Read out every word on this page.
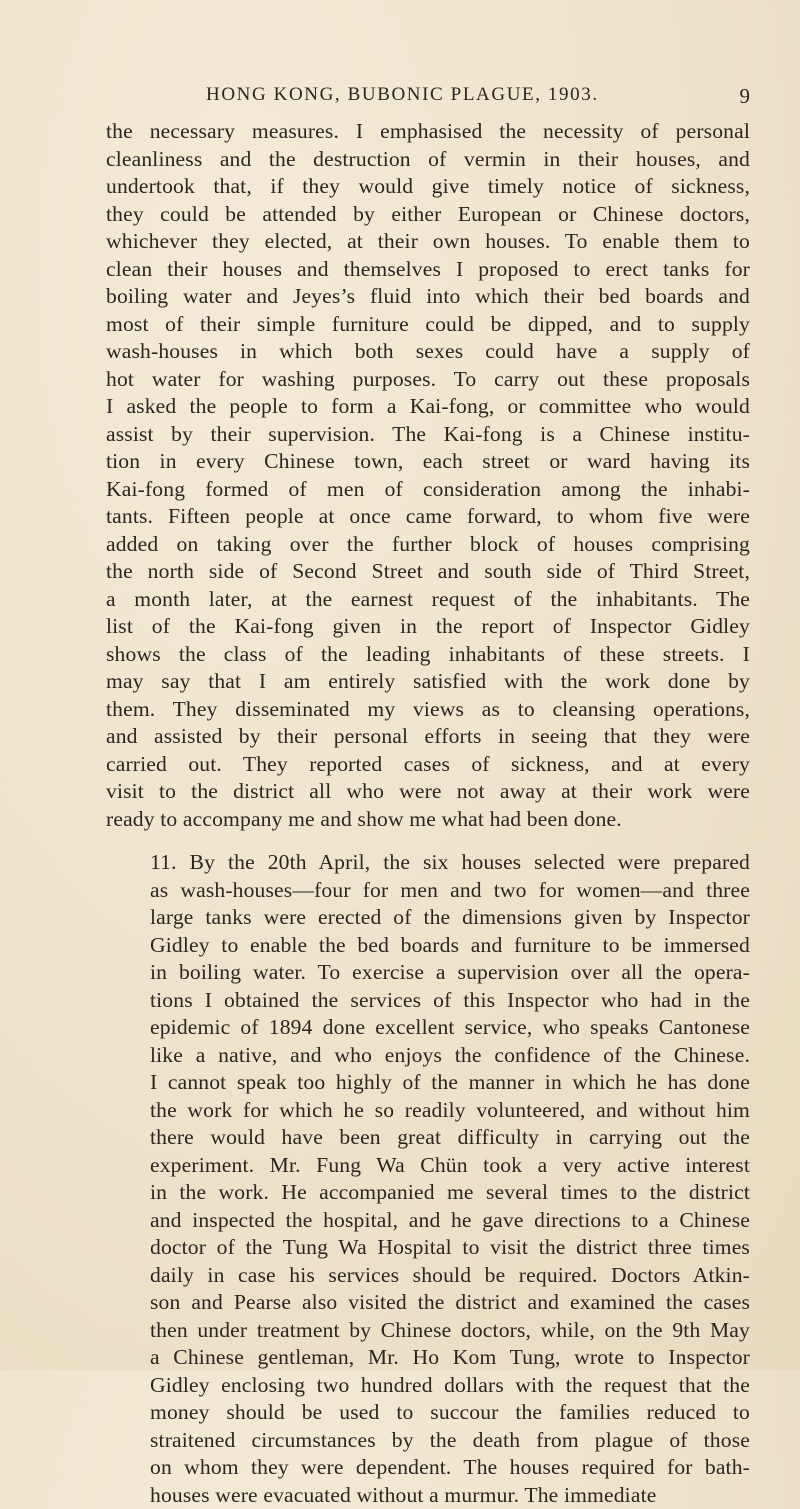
HONG KONG, BUBONIC PLAGUE, 1903.	9
the necessary measures. I emphasised the necessity of personal
cleanliness and the destruction of vermin in their houses, and
undertook that, if they would give timely notice of sickness,
they could be attended by either European or Chinese doctors,
whichever they elected, at their own houses. To enable them to
clean their houses and themselves I proposed to erect tanks for
boiling water and Jeyes’s fluid into which their bed boards and
most of their simple furniture could be dipped, and to supply
wash-houses in which both sexes could have a supply of
hot water for washing purposes. To carry out these proposals
I asked the people to form a Kai-fong, or committee who would
assist by their supervision. The Kai-fong is a Chinese institu-
tion in every Chinese town, each street or ward having its
Kai-fong formed of men of consideration among the inhabi-
tants. Fifteen people at once came forward, to whom five were
added on taking over the further block of houses comprising
the north side of Second Street and south side of Third Street,
a month later, at the earnest request of the inhabitants. The
list of the Kai-fong given in the report of Inspector Gidley
shows the class of the leading inhabitants of these streets. I
may say that I am entirely satisfied with the work done by
them. They disseminated my views as to cleansing operations,
and assisted by their personal efforts in seeing that they were
carried out. They reported cases of sickness, and at every
visit to the district all who were not away at their work were
ready to accompany me and show me what had been done.
11. By the 20th April, the six houses selected were prepared
as wash-houses—four for men and two for women—and three
large tanks were erected of the dimensions given by Inspector
Gidley to enable the bed boards and furniture to be immersed
in boiling water. To exercise a supervision over all the opera-
tions I obtained the services of this Inspector who had in the
epidemic of 1894 done excellent service, who speaks Cantonese
like a native, and who enjoys the confidence of the Chinese.
I cannot speak too highly of the manner in which he has done
the work for which he so readily volunteered, and without him
there would have been great difficulty in carrying out the
experiment. Mr. Fung Wa Chün took a very active interest
in the work. He accompanied me several times to the district
and inspected the hospital, and he gave directions to a Chinese
doctor of the Tung Wa Hospital to visit the district three times
daily in case his services should be required. Doctors Atkin-
son and Pearse also visited the district and examined the cases
then under treatment by Chinese doctors, while, on the 9th May
a Chinese gentleman, Mr. Ho Kom Tung, wrote to Inspector
Gidley enclosing two hundred dollars with the request that the
money should be used to succour the families reduced to
straitened circumstances by the death from plague of those
on whom they were dependent. The houses required for bath-
houses were evacuated without a murmur. The immediate
